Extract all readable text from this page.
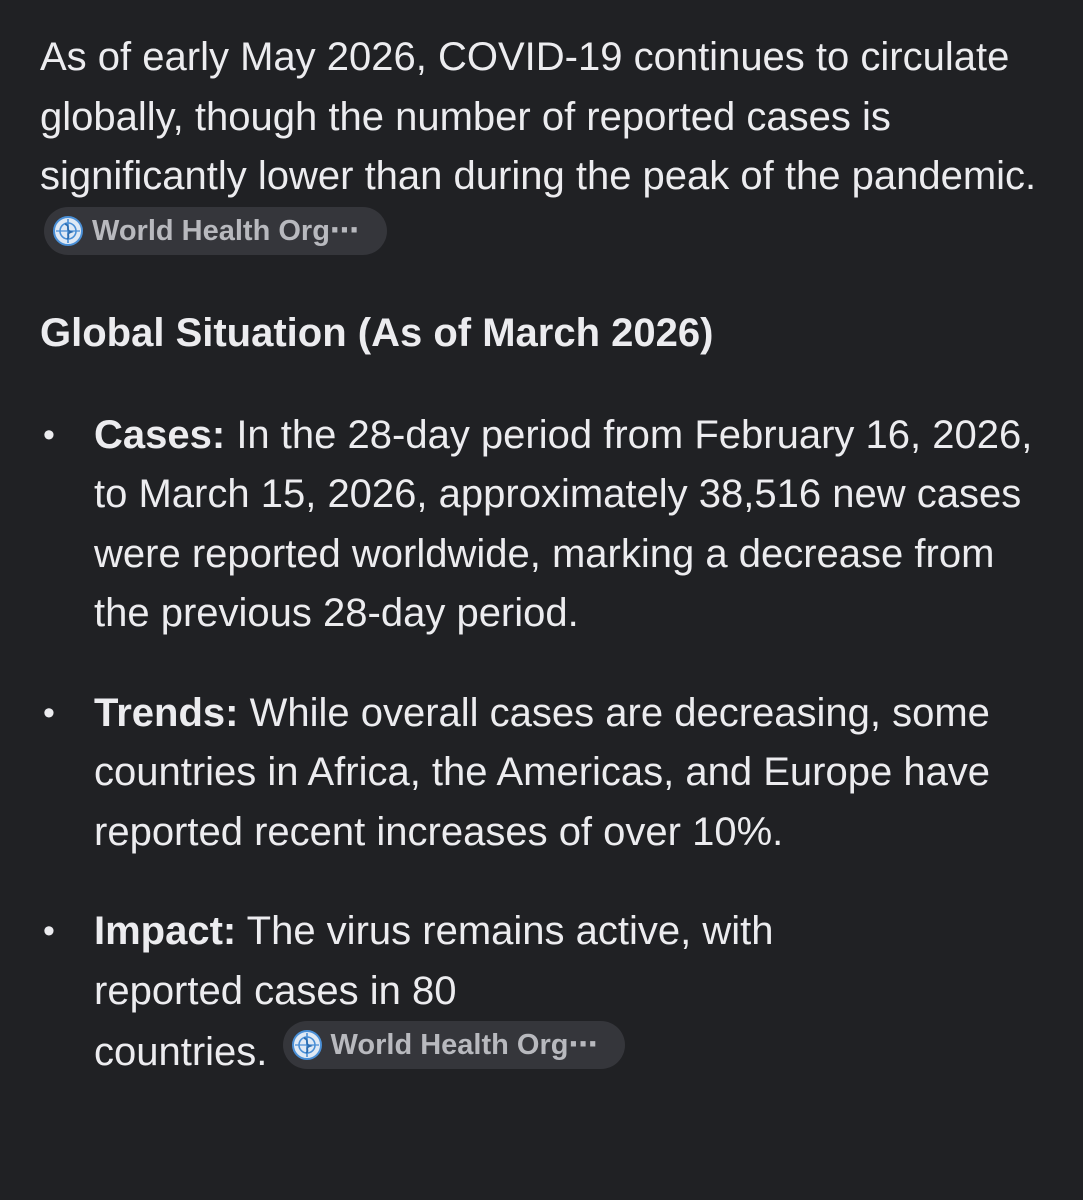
As of early May 2026, COVID-19 continues to circulate globally, though the number of reported cases is significantly lower than during the peak of the pandemic.
World Health Org⋯

Global Situation (As of March 2026)
• Cases: In the 28-day period from February 16, 2026, to March 15, 2026, approximately 38,516 new cases were reported worldwide, marking a decrease from the previous 28-day period.
• Trends: While overall cases are decreasing, some countries in Africa, the Americas, and Europe have reported recent increases of over 10%.
• Impact: The virus remains active, with
reported cases in 80
countries. World Health Org⋯
